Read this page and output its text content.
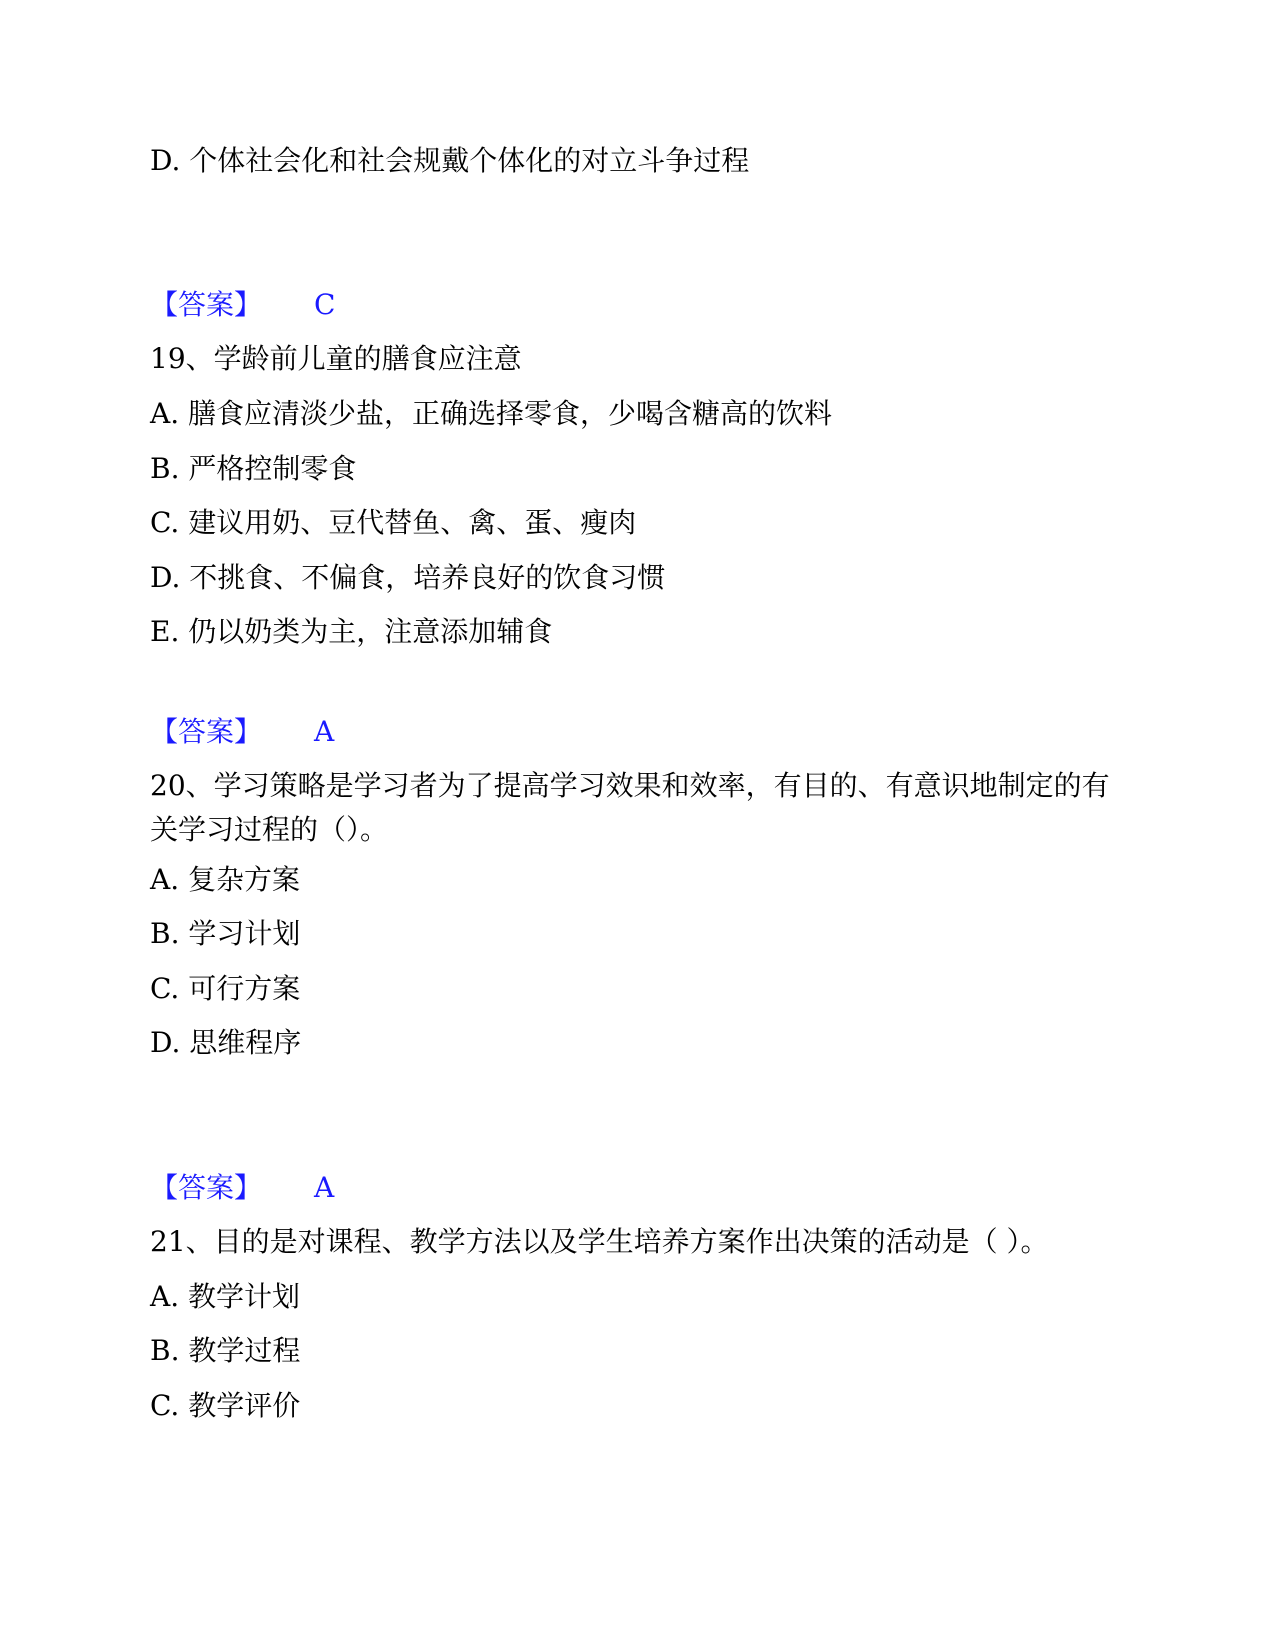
D. 个体社会化和社会规戴个体化的对立斗争过程
【答案】 C
19、学龄前儿童的膳食应注意
A. 膳食应清淡少盐，正确选择零食，少喝含糖高的饮料
B. 严格控制零食
C. 建议用奶、豆代替鱼、禽、蛋、瘦肉
D. 不挑食、不偏食，培养良好的饮食习惯
E. 仍以奶类为主，注意添加辅食
【答案】 A
20、学习策略是学习者为了提高学习效果和效率，有目的、有意识地制定的有关学习过程的（）。
A. 复杂方案
B. 学习计划
C. 可行方案
D. 思维程序
【答案】 A
21、目的是对课程、教学方法以及学生培养方案作出决策的活动是（ ）。
A. 教学计划
B. 教学过程
C. 教学评价
